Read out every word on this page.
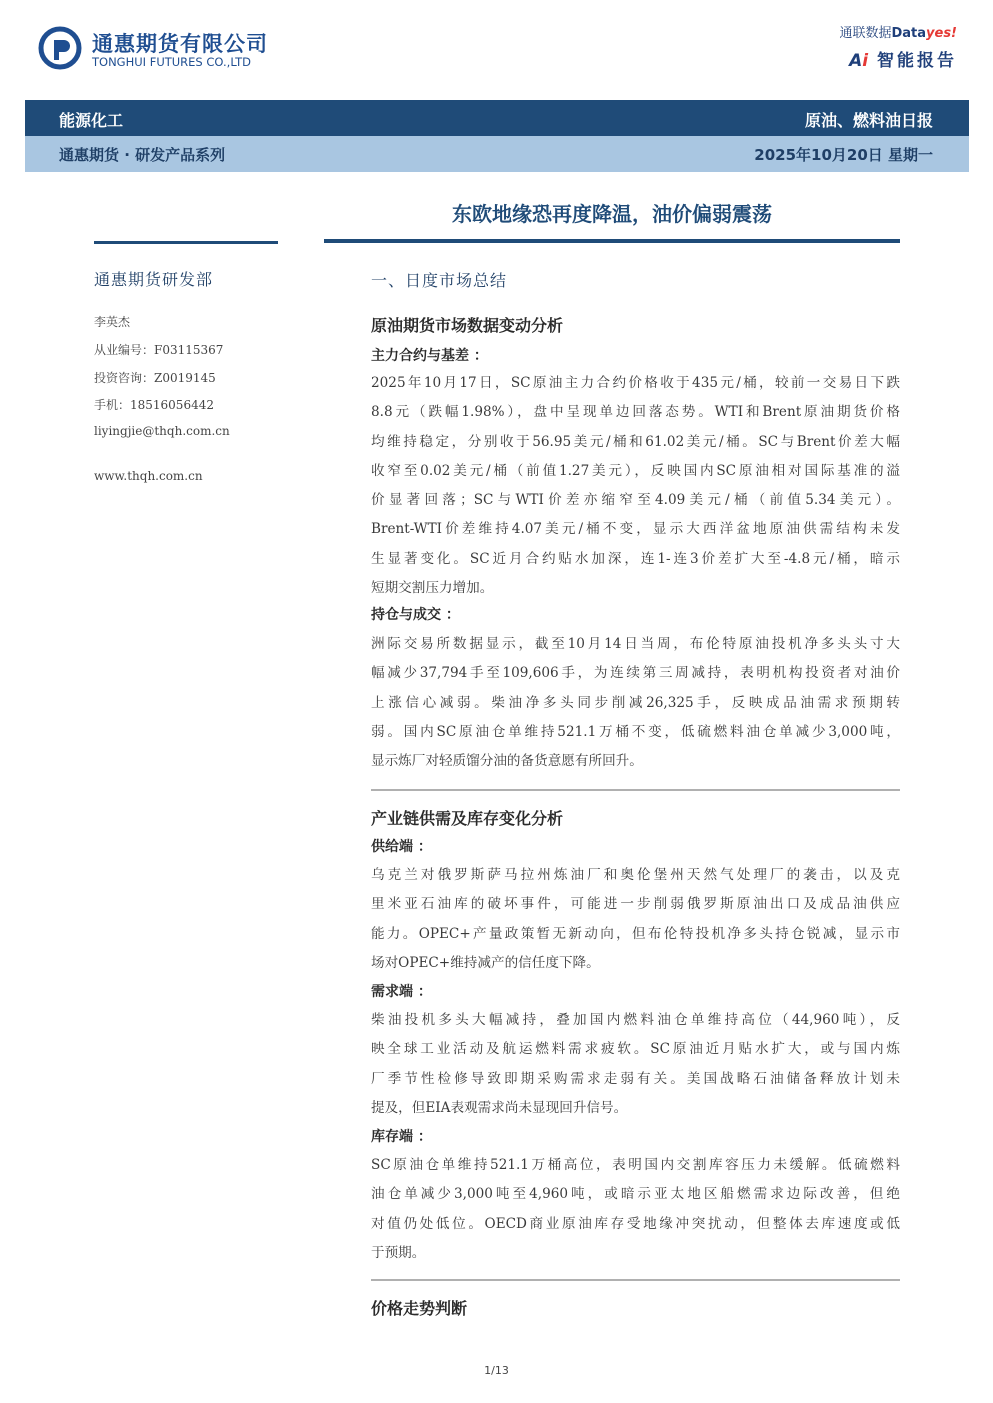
通惠期货有限公司
TONGHUI FUTURES CO.,LTD
通联数据Datayes!
Ai 智能报告
能源化工	原油、燃料油日报
通惠期货 · 研发产品系列	2025年10月20日 星期一
东欧地缘恐再度降温，油价偏弱震荡
通惠期货研发部
李英杰
从业编号：F03115367
投资咨询：Z0019145
手机：18516056442
liyingjie@thqh.com.cn
www.thqh.com.cn
一、日度市场总结
原油期货市场数据变动分析
主力合约与基差 ：
2025年10月17日，SC原油主力合约价格收于435元/桶，较前一交易日下跌
8.8元（跌幅1.98%），盘中呈现单边回落态势。WTI和Brent原油期货价格
均维持稳定，分别收于56.95美元/桶和61.02美元/桶。SC与Brent价差大幅
收窄至0.02美元/桶（前值1.27美元），反映国内SC原油相对国际基准的溢
价显著回落；SC与WTI价差亦缩窄至4.09美元/桶（前值5.34美元）。
Brent-WTI价差维持4.07美元/桶不变，显示大西洋盆地原油供需结构未发
生显著变化。SC近月合约贴水加深，连1-连3价差扩大至-4.8元/桶，暗示
短期交割压力增加。
持仓与成交 ：
洲际交易所数据显示，截至10月14日当周，布伦特原油投机净多头头寸大
幅减少37,794手至109,606手，为连续第三周减持，表明机构投资者对油价
上涨信心减弱。柴油净多头同步削减26,325手，反映成品油需求预期转
弱。国内SC原油仓单维持521.1万桶不变，低硫燃料油仓单减少3,000吨，
显示炼厂对轻质馏分油的备货意愿有所回升。
产业链供需及库存变化分析
供给端 ：
乌克兰对俄罗斯萨马拉州炼油厂和奥伦堡州天然气处理厂的袭击，以及克
里米亚石油库的破坏事件，可能进一步削弱俄罗斯原油出口及成品油供应
能力。OPEC+产量政策暂无新动向，但布伦特投机净多头持仓锐减，显示市
场对OPEC+维持减产的信任度下降。
需求端 ：
柴油投机多头大幅减持，叠加国内燃料油仓单维持高位（44,960吨），反
映全球工业活动及航运燃料需求疲软。SC原油近月贴水扩大，或与国内炼
厂季节性检修导致即期采购需求走弱有关。美国战略石油储备释放计划未
提及，但EIA表观需求尚未显现回升信号。
库存端 ：
SC原油仓单维持521.1万桶高位，表明国内交割库容压力未缓解。低硫燃料
油仓单减少3,000吨至4,960吨，或暗示亚太地区船燃需求边际改善，但绝
对值仍处低位。OECD商业原油库存受地缘冲突扰动，但整体去库速度或低
于预期。
价格走势判断
1/13
